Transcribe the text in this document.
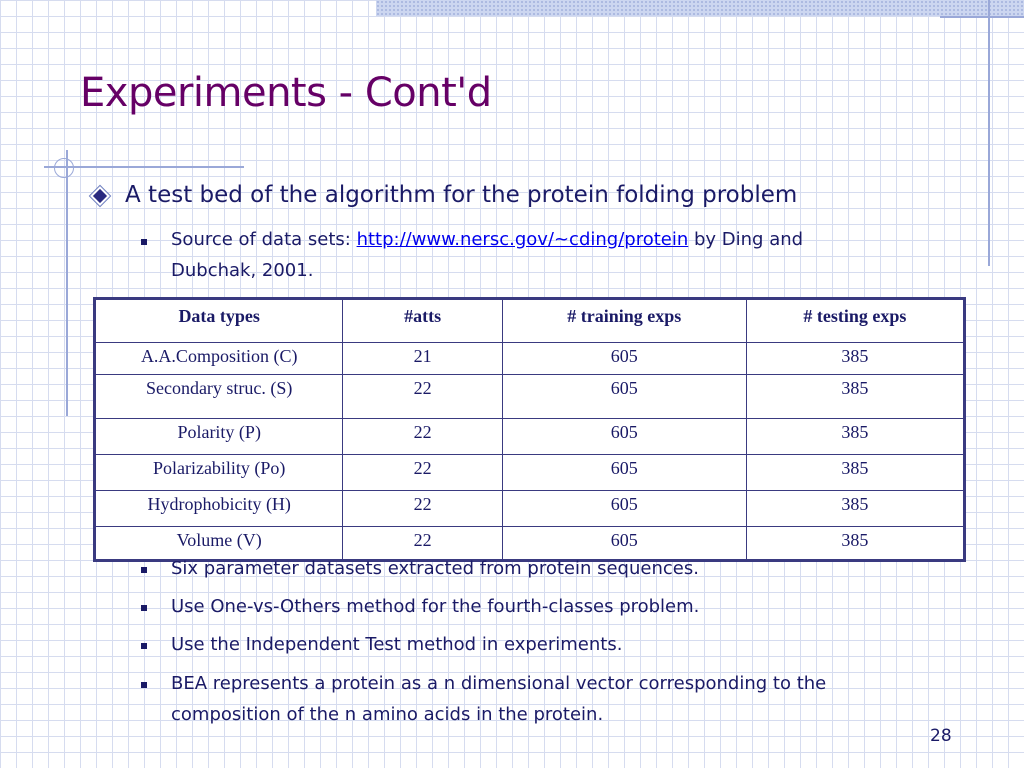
Experiments - Cont'd
A test bed of the algorithm for the protein folding problem
Source of data sets: http://www.nersc.gov/~cding/protein by Ding and
Dubchak, 2001.
Data types	#atts	# training exps	# testing exps
A.A.Composition (C)	21	605	385
Secondary struc. (S)	22	605	385
Polarity (P)	22	605	385
Polarizability (Po)	22	605	385
Hydrophobicity (H)	22	605	385
Volume (V)	22	605	385
Six parameter datasets extracted from protein sequences.
Use One-vs-Others method for the fourth-classes problem.
Use the Independent Test method in experiments.
BEA represents a protein as a n dimensional vector corresponding to the
composition of the n amino acids in the protein.
28
